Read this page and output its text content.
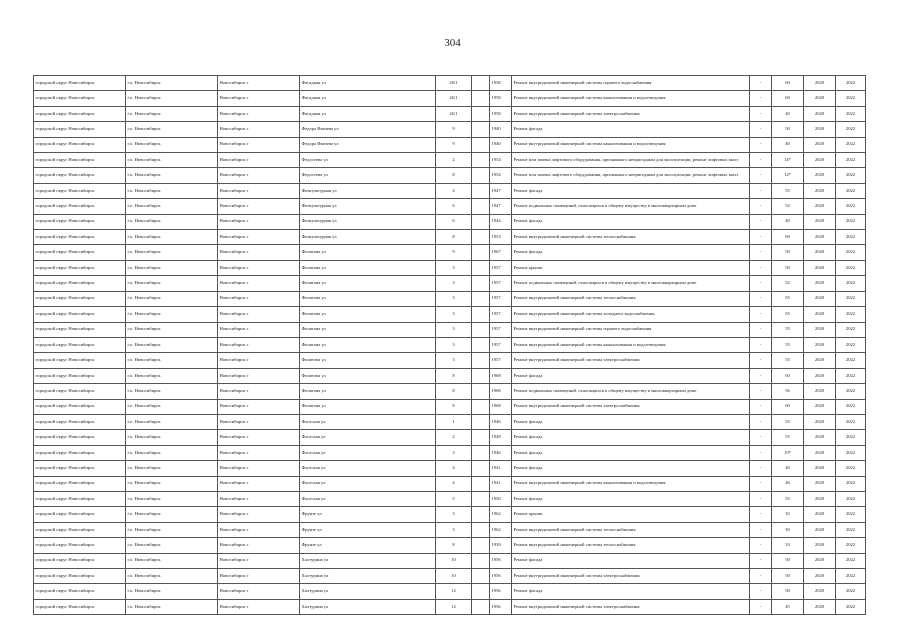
304
городской округ Новосибирск	г.о. Новосибирск	Новосибирск г	Фасадная ул	26/1		1958	Ремонт внутридомовой инженерной системы горячего водоснабжения	-	60	2020	2022
городской округ Новосибирск	г.о. Новосибирск	Новосибирск г	Фасадная ул	26/1		1958	Ремонт внутридомовой инженерной системы канализования и водоотведения	-	60	2020	2022
городской округ Новосибирск	г.о. Новосибирск	Новосибирск г	Фасадная ул	26/1		1958	Ремонт внутридомовой инженерной системы электроснабжения	-	40	2020	2022
городской округ Новосибирск	г.о. Новосибирск	Новосибирск г	Федора Ивачева ул	9		1940	Ремонт фасада	-	50	2020	2022
городской округ Новосибирск	г.о. Новосибирск	Новосибирск г	Федора Ивачева ул	9		1940	Ремонт внутридомовой инженерной системы канализования и водоотведения	-	40	2020	2022
городской округ Новосибирск	г.о. Новосибирск	Новосибирск г	Федосеева ул	2		1954	Ремонт или замена лифтового оборудования, признанного непригодным для эксплуатации, ремонт лифтовых шахт	-	14*	2020	2022
городской округ Новосибирск	г.о. Новосибирск	Новосибирск г	Федосеева ул	8		1954	Ремонт или замена лифтового оборудования, признанного непригодным для эксплуатации, ремонт лифтовых шахт	-	14*	2020	2022
городской округ Новосибирск	г.о. Новосибирск	Новосибирск г	Физкультурная ул	4		1947	Ремонт фасада	-	55	2020	2022
городской округ Новосибирск	г.о. Новосибирск	Новосибирск г	Физкультурная ул	6		1947	Ремонт подвальных помещений, относящихся к общему имуществу в многоквартирном доме	-	52	2020	2022
городской округ Новосибирск	г.о. Новосибирск	Новосибирск г	Физкультурная ул	6		1944	Ремонт фасада	-	40	2020	2022
городской округ Новосибирск	г.о. Новосибирск	Новосибирск г	Физкультурная ул	8		1953	Ремонт внутридомовой инженерной системы теплоснабжения	-	60	2020	2022
городской округ Новосибирск	г.о. Новосибирск	Новосибирск г	Филатова ул	9		1967	Ремонт фасада	-	50	2020	2022
городской округ Новосибирск	г.о. Новосибирск	Новосибирск г	Филатова ул	3		1957	Ремонт крыши	-	50	2020	2022
городской округ Новосибирск	г.о. Новосибирск	Новосибирск г	Филатова ул	3		1957	Ремонт подвальных помещений, относящихся к общему имуществу в многоквартирном доме	-	52	2020	2022
городской округ Новосибирск	г.о. Новосибирск	Новосибирск г	Филатова ул	3		1957	Ремонт внутридомовой инженерной системы теплоснабжения	-	55	2020	2022
городской округ Новосибирск	г.о. Новосибирск	Новосибирск г	Филатова ул	3		1957	Ремонт внутридомовой инженерной системы холодного водоснабжения	-	55	2020	2022
городской округ Новосибирск	г.о. Новосибирск	Новосибирск г	Филатова ул	3		1957	Ремонт внутридомовой инженерной системы горячего водоснабжения	-	55	2020	2022
городской округ Новосибирск	г.о. Новосибирск	Новосибирск г	Филатова ул	3		1957	Ремонт внутридомовой инженерной системы канализования и водоотведения	-	55	2020	2022
городской округ Новосибирск	г.о. Новосибирск	Новосибирск г	Филатова ул	3		1957	Ремонт внутридомовой инженерной системы электроснабжения	-	55	2020	2022
городской округ Новосибирск	г.о. Новосибирск	Новосибирск г	Филатова ул	8		1968	Ремонт фасада	-	60	2020	2022
городской округ Новосибирск	г.о. Новосибирск	Новосибирск г	Филатова ул	8		1968	Ремонт подвальных помещений, относящихся к общему имуществу в многоквартирном доме	-	56	2020	2022
городской округ Новосибирск	г.о. Новосибирск	Новосибирск г	Филатова ул	8		1968	Ремонт внутридомовой инженерной системы электроснабжения	-	60	2020	2022
городской округ Новосибирск	г.о. Новосибирск	Новосибирск г	Флотская ул	1		1946	Ремонт фасада	-	55	2020	2022
городской округ Новосибирск	г.о. Новосибирск	Новосибирск г	Флотская ул	2		1948	Ремонт фасада	-	55	2020	2022
городской округ Новосибирск	г.о. Новосибирск	Новосибирск г	Флотская ул	3		1946	Ремонт фасада	-	19*	2020	2022
городской округ Новосибирск	г.о. Новосибирск	Новосибирск г	Флотская ул	4		1941	Ремонт фасада	-	40	2020	2022
городской округ Новосибирск	г.о. Новосибирск	Новосибирск г	Флотская ул	4		1941	Ремонт внутридомовой инженерной системы канализования и водоотведения	-	46	2020	2022
городской округ Новосибирск	г.о. Новосибирск	Новосибирск г	Флотская ул	5		1950	Ремонт фасада	-	55	2020	2022
городской округ Новосибирск	г.о. Новосибирск	Новосибирск г	Фрунзе ул	3		1962	Ремонт крыши	-	35	2020	2022
городской округ Новосибирск	г.о. Новосибирск	Новосибирск г	Фрунзе ул	3		1962	Ремонт внутридомовой инженерной системы теплоснабжения	-	30	2020	2022
городской округ Новосибирск	г.о. Новосибирск	Новосибирск г	Фрунзе ул	8		1939	Ремонт внутридомовой инженерной системы теплоснабжения	-	33	2020	2022
городской округ Новосибирск	г.о. Новосибирск	Новосибирск г	Халтурина ул	10		1956	Ремонт фасада	-	50	2020	2022
городской округ Новосибирск	г.о. Новосибирск	Новосибирск г	Халтурина ул	10		1956	Ремонт внутридомовой инженерной системы электроснабжения	-	50	2020	2022
городской округ Новосибирск	г.о. Новосибирск	Новосибирск г	Халтурина ул	12		1956	Ремонт фасада	-	50	2020	2022
городской округ Новосибирск	г.о. Новосибирск	Новосибирск г	Халтурина ул	12		1956	Ремонт внутридомовой инженерной системы электроснабжения	-	45	2020	2022
